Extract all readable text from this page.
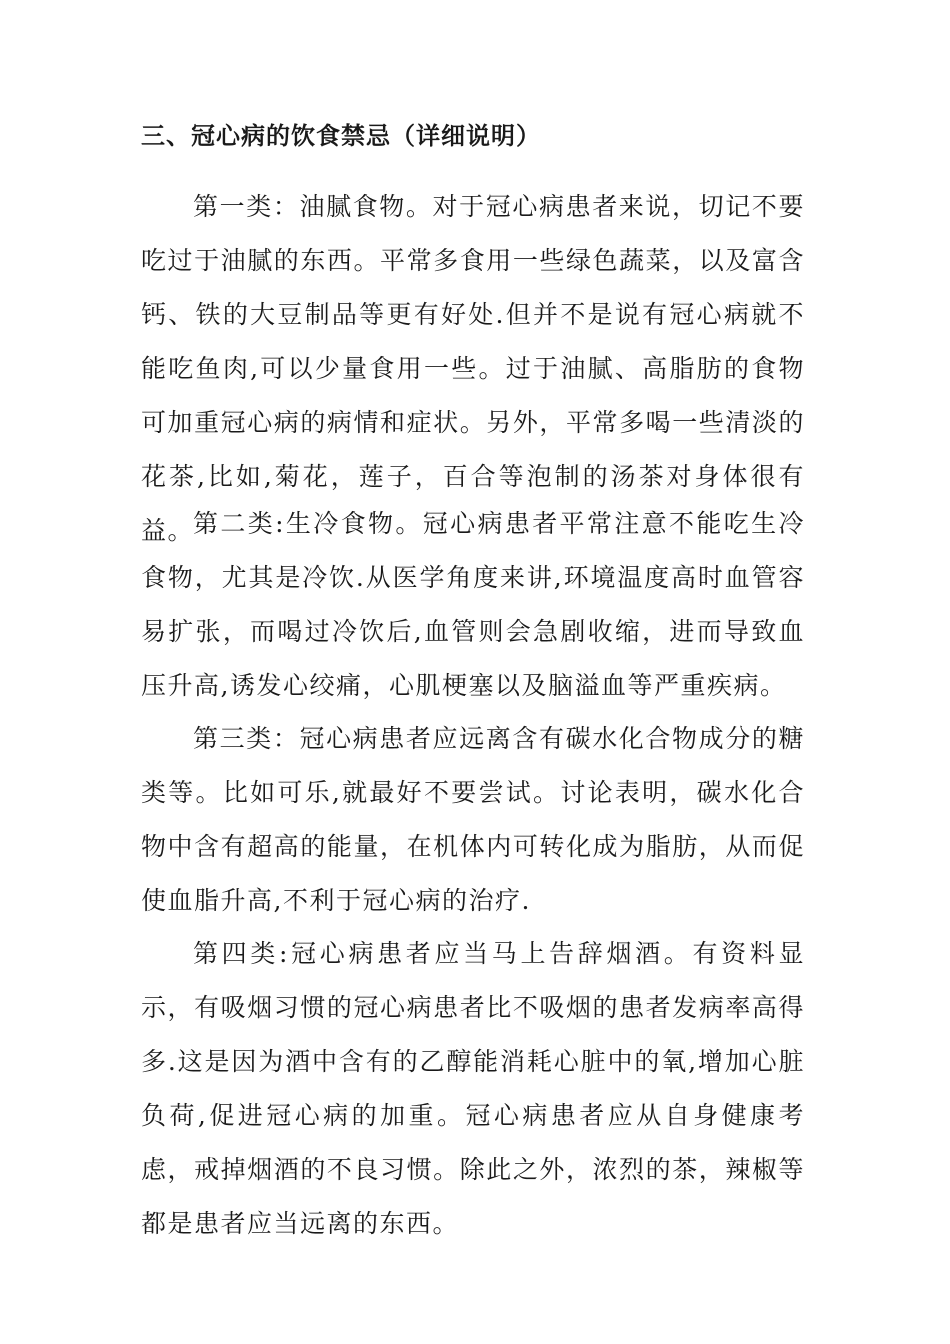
三、冠心病的饮食禁忌（详细说明）

第一类：油腻食物。对于冠心病患者来说，切记不要吃过于油腻的东西。平常多食用一些绿色蔬菜，以及富含钙、铁的大豆制品等更有好处.但并不是说有冠心病就不能吃鱼肉,可以少量食用一些。过于油腻、高脂肪的食物可加重冠心病的病情和症状。另外，平常多喝一些清淡的花茶,比如,菊花，莲子，百合等泡制的汤茶对身体很有益。

第二类:生冷食物。冠心病患者平常注意不能吃生冷食物，尤其是冷饮.从医学角度来讲,环境温度高时血管容易扩张，而喝过冷饮后,血管则会急剧收缩，进而导致血压升高,诱发心绞痛，心肌梗塞以及脑溢血等严重疾病。

第三类：冠心病患者应远离含有碳水化合物成分的糖类等。比如可乐,就最好不要尝试。讨论表明，碳水化合物中含有超高的能量，在机体内可转化成为脂肪，从而促使血脂升高,不利于冠心病的治疗.

第四类:冠心病患者应当马上告辞烟酒。有资料显示，有吸烟习惯的冠心病患者比不吸烟的患者发病率高得多.这是因为酒中含有的乙醇能消耗心脏中的氧,增加心脏负荷,促进冠心病的加重。冠心病患者应从自身健康考虑，戒掉烟酒的不良习惯。除此之外，浓烈的茶，辣椒等都是患者应当远离的东西。
